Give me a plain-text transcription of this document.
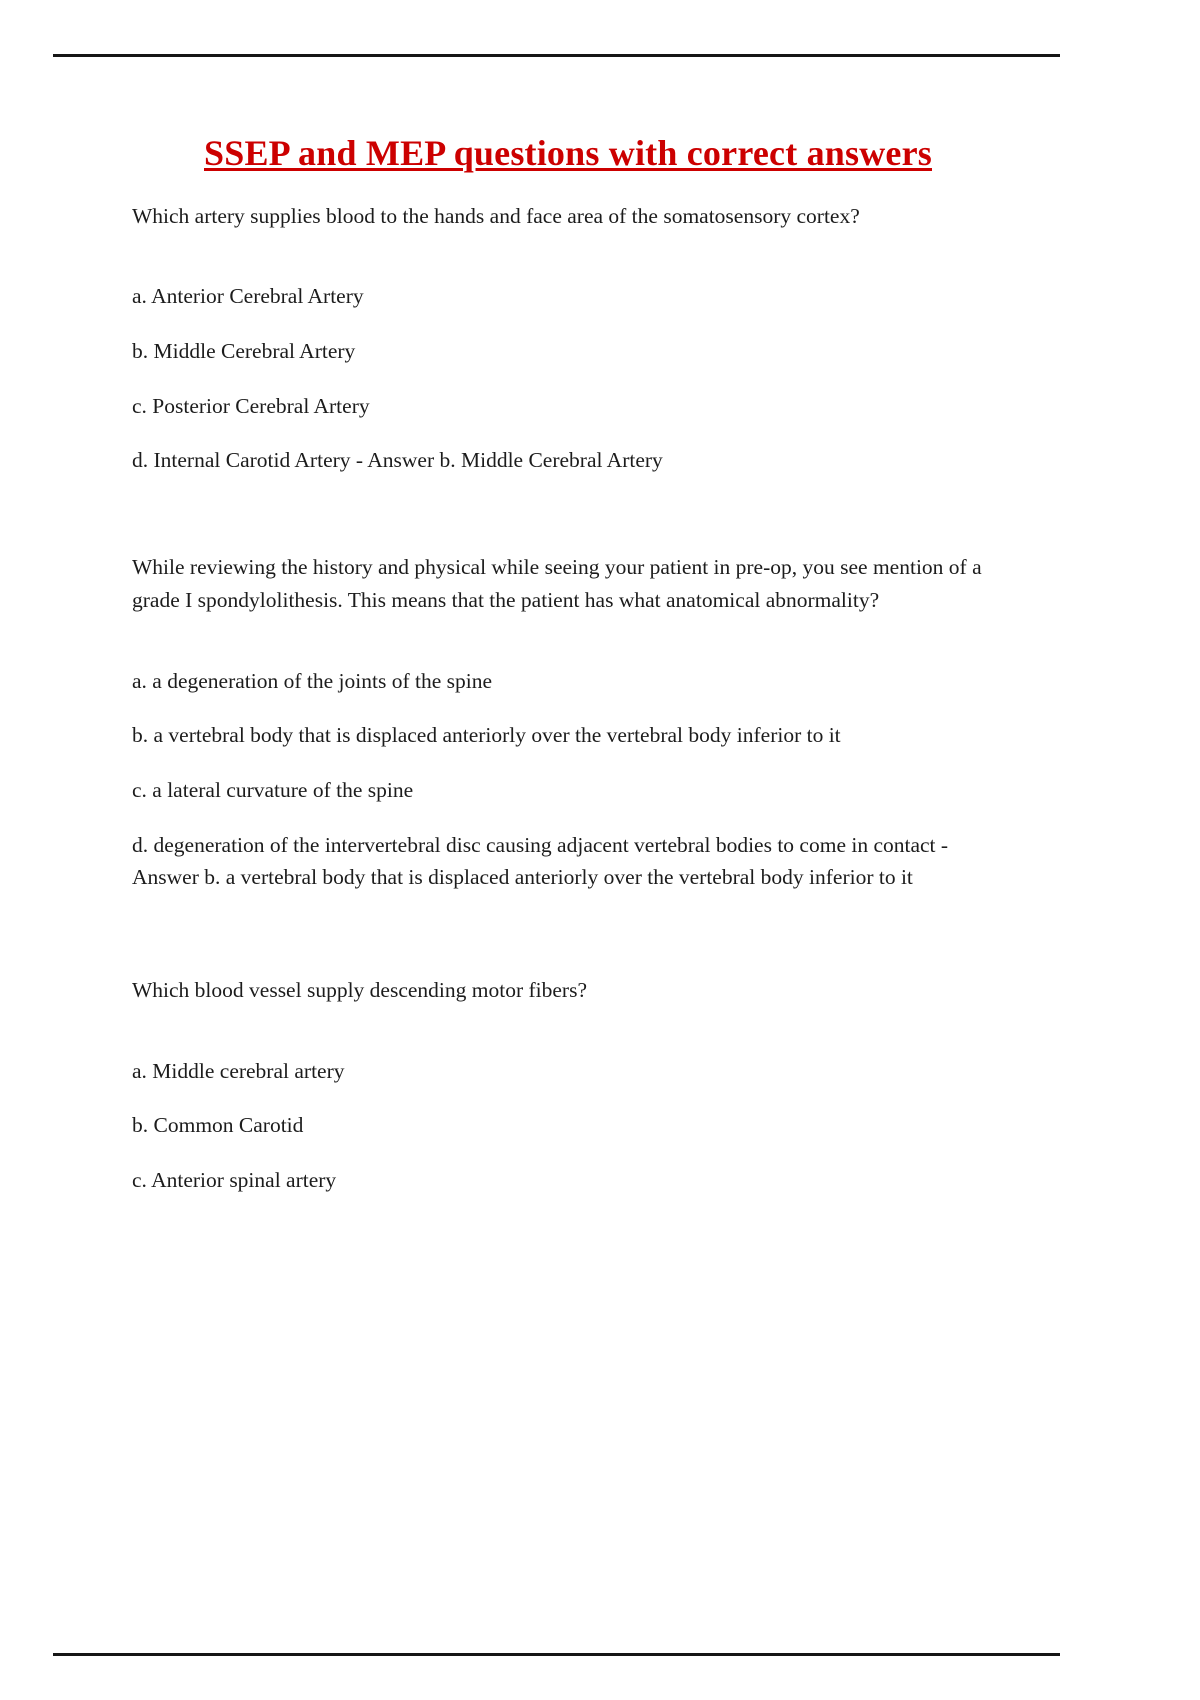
SSEP and MEP questions with correct answers

Which artery supplies blood to the hands and face area of the somatosensory cortex?

a. Anterior Cerebral Artery
b. Middle Cerebral Artery
c. Posterior Cerebral Artery
d. Internal Carotid Artery - Answer b. Middle Cerebral Artery

While reviewing the history and physical while seeing your patient in pre-op, you see mention of a grade I spondylolithesis. This means that the patient has what anatomical abnormality?

a. a degeneration of the joints of the spine
b. a vertebral body that is displaced anteriorly over the vertebral body inferior to it
c. a lateral curvature of the spine
d. degeneration of the intervertebral disc causing adjacent vertebral bodies to come in contact - Answer b. a vertebral body that is displaced anteriorly over the vertebral body inferior to it

Which blood vessel supply descending motor fibers?

a. Middle cerebral artery
b. Common Carotid
c. Anterior spinal artery
